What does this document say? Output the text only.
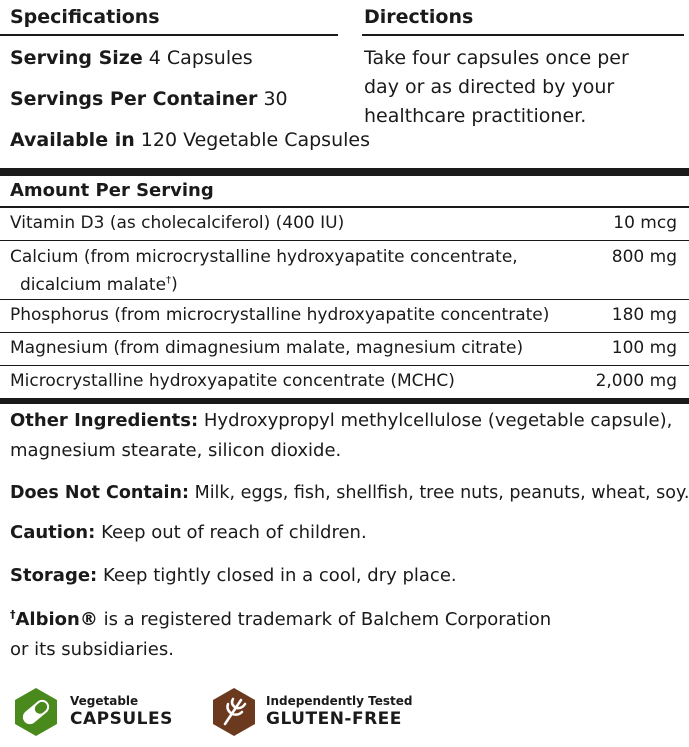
Specifications	Directions
Serving Size 4 Capsules
Servings Per Container 30
Available in 120 Vegetable Capsules
Take four capsules once per
day or as directed by your
healthcare practitioner.
Amount Per Serving
Vitamin D3 (as cholecalciferol) (400 IU)	10 mcg
Calcium (from microcrystalline hydroxyapatite concentrate,
dicalcium malate†)
800 mg
Phosphorus (from microcrystalline hydroxyapatite concentrate)	180 mg
Magnesium (from dimagnesium malate, magnesium citrate)	100 mg
Microcrystalline hydroxyapatite concentrate (MCHC)	2,000 mg
Other Ingredients: Hydroxypropyl methylcellulose (vegetable capsule),
magnesium stearate, silicon dioxide.
Does Not Contain: Milk, eggs, fish, shellfish, tree nuts, peanuts, wheat, soy.
Caution: Keep out of reach of children.
Storage: Keep tightly closed in a cool, dry place.
†Albion® is a registered trademark of Balchem Corporation
or its subsidiaries.
Vegetable
CAPSULES
Independently Tested
GLUTEN-FREE
